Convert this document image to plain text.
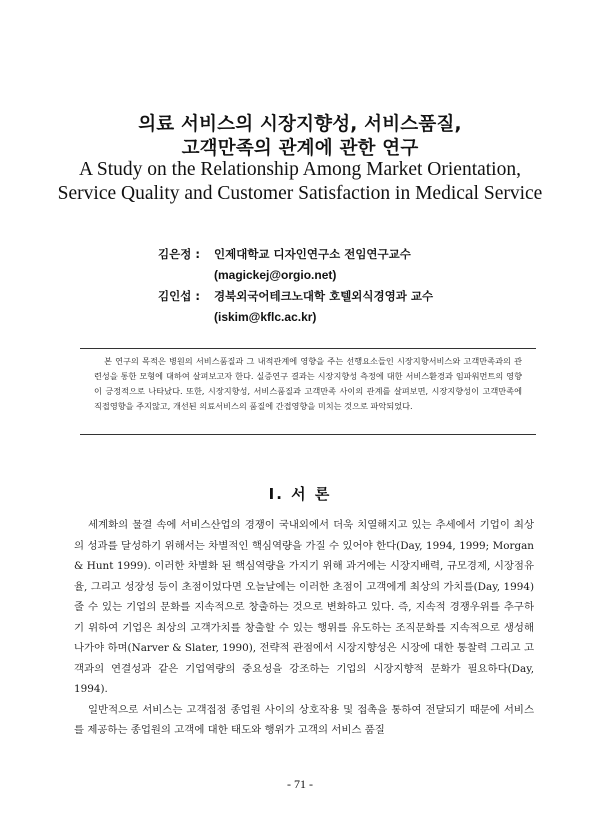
의료 서비스의 시장지향성, 서비스품질,
고객만족의 관계에 관한 연구
A Study on the Relationship Among Market Orientation,
Service Quality and Customer Satisfaction in Medical Service
김은정 : 인제대학교 디자인연구소 전임연구교수
(magickej@orgio.net)
김인섭 : 경북외국어테크노대학 호텔외식경영과 교수
(iskim@kflc.ac.kr)

본 연구의 목적은 병원의 서비스품질과 그 내적관계에 영향을 주는 선행요소들인 시장지향서비스와 고객만족과의 관련성을 통한 모형에 대하여 살펴보고자 한다. 실증연구 결과는 시장지향성 측정에 대한 서비스환경과 임파워먼트의 영향이 긍정적으로 나타났다. 또한, 시장지향성, 서비스품질과 고객만족 사이의 관계를 살펴보면, 시장지향성이 고객만족에 직접영향을 주지않고, 개선된 의료서비스의 품질에 간접영향을 미치는 것으로 파악되었다.

I. 서 론

세계화의 물결 속에 서비스산업의 경쟁이 국내외에서 더욱 치열해지고 있는 추세에서 기업이 최상의 성과를 달성하기 위해서는 차별적인 핵심역량을 가질 수 있어야 한다(Day, 1994, 1999; Morgan & Hunt 1999). 이러한 차별화 된 핵심역량을 가지기 위해 과거에는 시장지배력, 규모경제, 시장점유율, 그리고 성장성 등이 초점이었다면 오늘날에는 이러한 초점이 고객에게 최상의 가치를(Day, 1994) 줄 수 있는 기업의 문화를 지속적으로 창출하는 것으로 변화하고 있다. 즉, 지속적 경쟁우위를 추구하기 위하여 기업은 최상의 고객가치를 창출할 수 있는 행위를 유도하는 조직문화를 지속적으로 생성해 나가야 하며(Narver & Slater, 1990), 전략적 관점에서 시장지향성은 시장에 대한 통찰력 그리고 고객과의 연결성과 같은 기업역량의 중요성을 강조하는 기업의 시장지향적 문화가 필요하다(Day, 1994).

일반적으로 서비스는 고객접점 종업원 사이의 상호작용 및 접촉을 통하여 전달되기 때문에 서비스를 제공하는 종업원의 고객에 대한 태도와 행위가 고객의 서비스 품질

- 71 -
